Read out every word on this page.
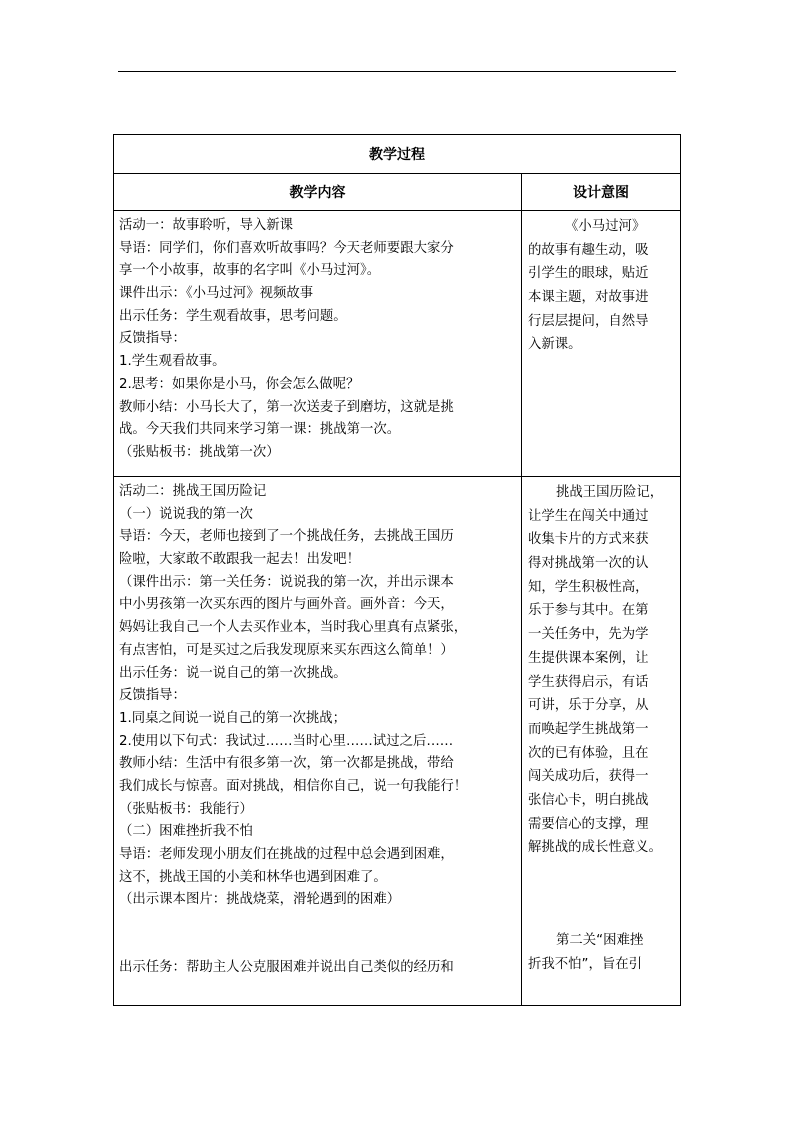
教学过程
教学内容	设计意图
活动一：故事聆听，导入新课
导语：同学们，你们喜欢听故事吗？今天老师要跟大家分
享一个小故事，故事的名字叫《小马过河》。
课件出示：《小马过河》视频故事
出示任务：学生观看故事，思考问题。
反馈指导：
1.学生观看故事。
2.思考：如果你是小马，你会怎么做呢？
教师小结：小马长大了，第一次送麦子到磨坊，这就是挑
战。今天我们共同来学习第一课：挑战第一次。
（张贴板书：挑战第一次）
《小马过河》
的故事有趣生动，吸
引学生的眼球，贴近
本课主题，对故事进
行层层提问，自然导
入新课。
活动二：挑战王国历险记
（一）说说我的第一次
导语：今天，老师也接到了一个挑战任务，去挑战王国历
险啦，大家敢不敢跟我一起去！出发吧！
（课件出示：第一关任务：说说我的第一次，并出示课本
中小男孩第一次买东西的图片与画外音。画外音：今天，
妈妈让我自己一个人去买作业本，当时我心里真有点紧张，
有点害怕，可是买过之后我发现原来买东西这么简单！）
出示任务：说一说自己的第一次挑战。
反馈指导：
1.同桌之间说一说自己的第一次挑战；
2.使用以下句式：我试过……当时心里……试过之后……
教师小结：生活中有很多第一次，第一次都是挑战，带给
我们成长与惊喜。面对挑战，相信你自己，说一句我能行！
（张贴板书：我能行）
（二）困难挫折我不怕
导语：老师发现小朋友们在挑战的过程中总会遇到困难，
这不，挑战王国的小美和林华也遇到困难了。
（出示课本图片：挑战烧菜，滑轮遇到的困难）
出示任务：帮助主人公克服困难并说出自己类似的经历和
挑战王国历险记，
让学生在闯关中通过
收集卡片的方式来获
得对挑战第一次的认
知，学生积极性高，
乐于参与其中。在第
一关任务中，先为学
生提供课本案例，让
学生获得启示，有话
可讲，乐于分享，从
而唤起学生挑战第一
次的已有体验，且在
闯关成功后，获得一
张信心卡，明白挑战
需要信心的支撑，理
解挑战的成长性意义。
第二关“困难挫
折我不怕”，旨在引
